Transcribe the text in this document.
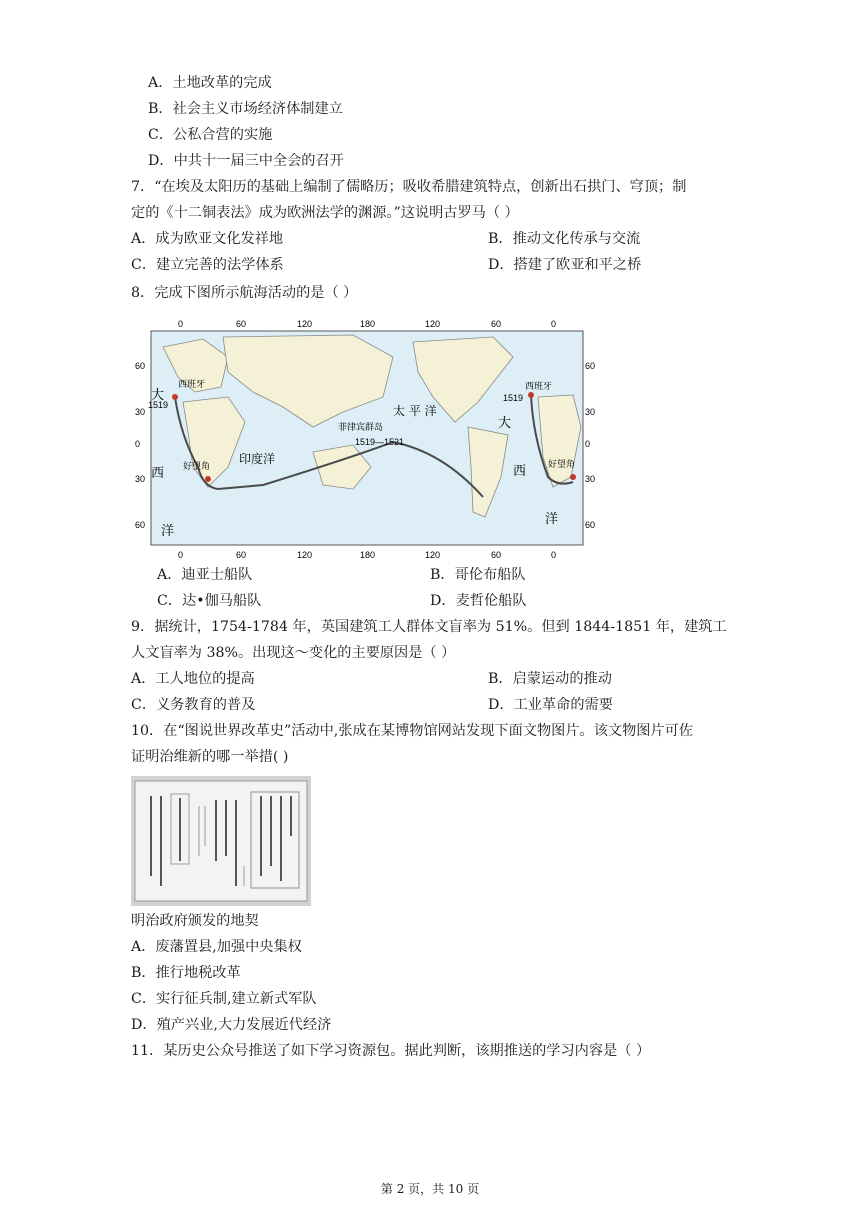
A．土地改革的完成
B．社会主义市场经济体制建立
C．公私合营的实施
D．中共十一届三中全会的召开
7．“在埃及太阳历的基础上编制了儒略历；吸收希腊建筑特点，创新出石拱门、穹顶；制
定的《十二铜表法》成为欧洲法学的渊源。”这说明古罗马（ ）
A．成为欧亚文化发祥地	B．推动文化传承与交流
C．建立完善的法学体系	D．搭建了欧亚和平之桥
8．完成下图所示航海活动的是（ ）
0	60	120	180	120	60	0
0	60	120	180	120	60	0
60
30
0
30
60
60
30
0
30
60
大
西
洋
大
西
洋
太 平 洋
印度洋
西班牙	西班牙
1519
1519
好望角	好望角
菲律宾群岛
1519—1521
A．迪亚士船队	B．哥伦布船队
C．达•伽马船队	D．麦哲伦船队
9．据统计，1754-1784 年，英国建筑工人群体文盲率为 51%。但到 1844-1851 年，建筑工
人文盲率为 38%。出现这～变化的主要原因是（ ）
A．工人地位的提高	B．启蒙运动的推动
C．义务教育的普及	D．工业革命的需要
10．在“图说世界改革史”活动中,张成在某博物馆网站发现下面文物图片。该文物图片可佐
证明治维新的哪一举措( )
明治政府颁发的地契
A．废藩置县,加强中央集权
B．推行地税改革
C．实行征兵制,建立新式军队
D．殖产兴业,大力发展近代经济
11．某历史公众号推送了如下学习资源包。据此判断，该期推送的学习内容是（ ）
第 2 页，共 10 页
